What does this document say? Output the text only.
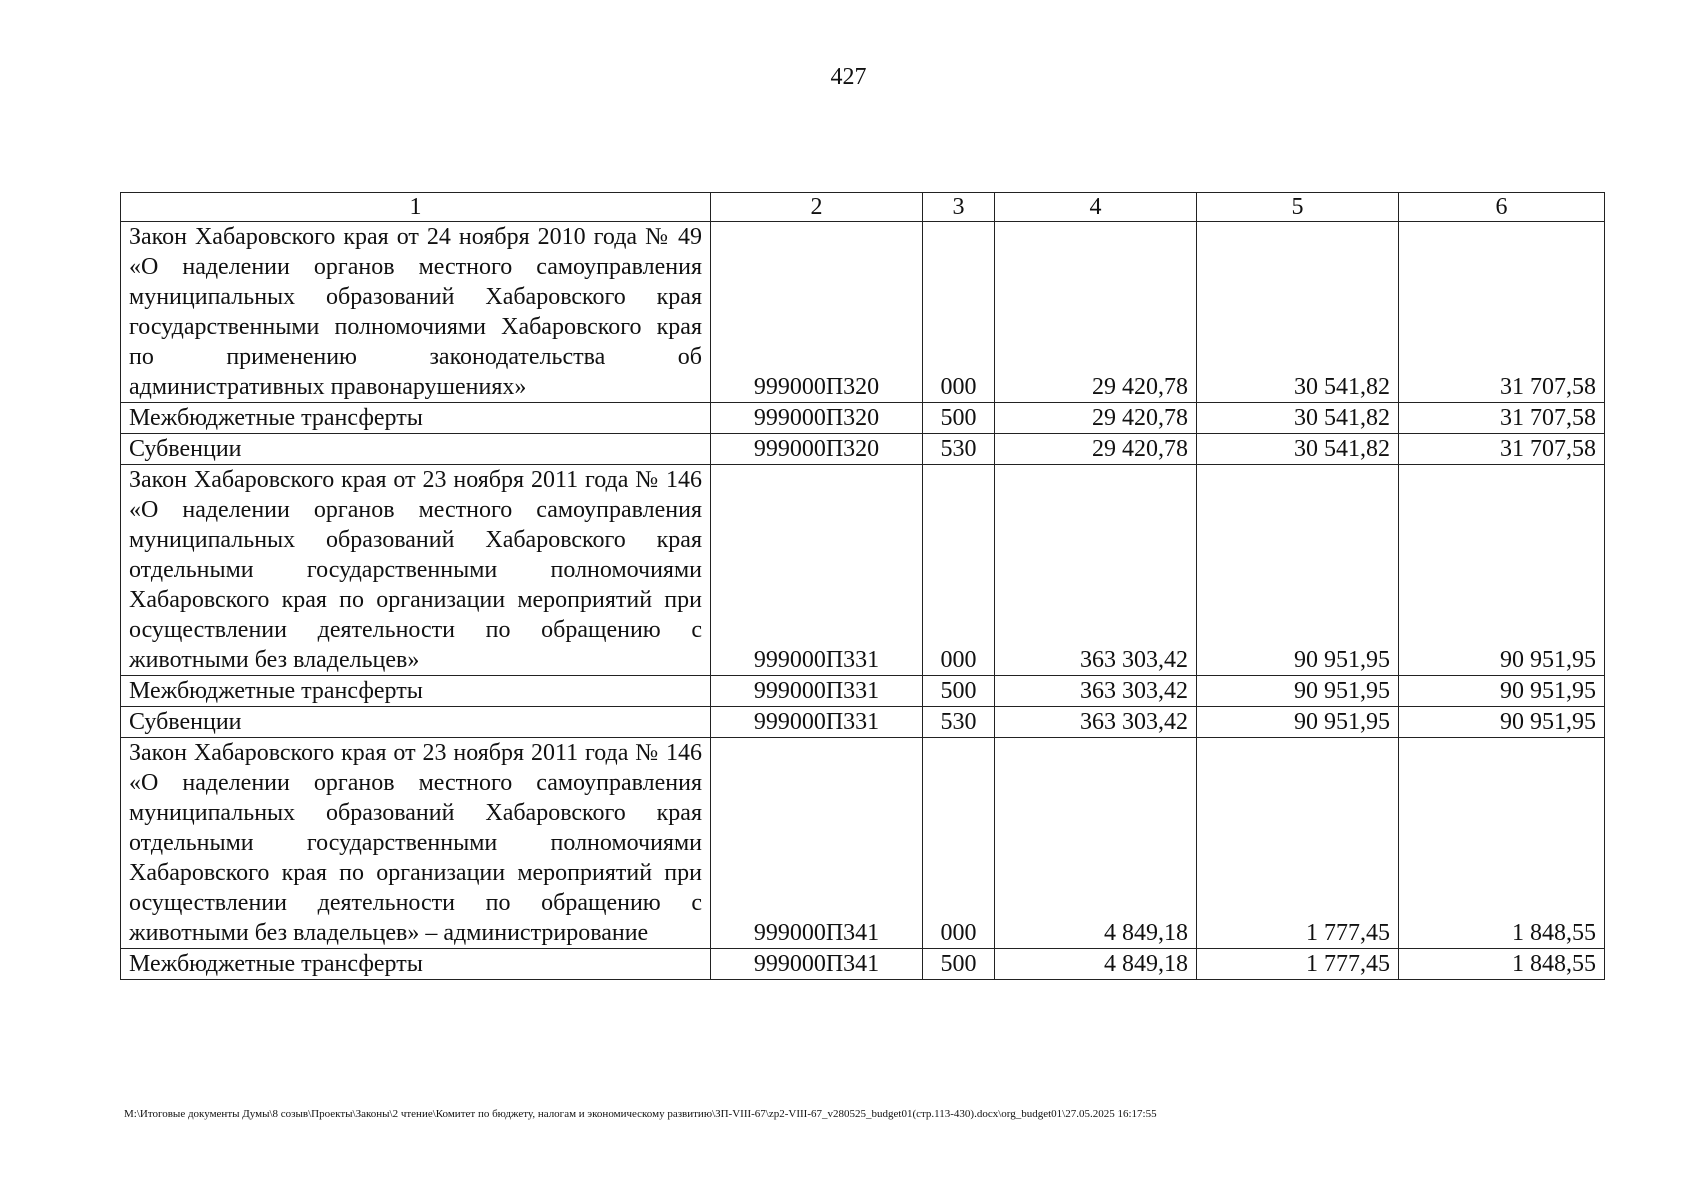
427
1	2	3	4	5	6
Закон Хабаровского края от 24 ноября 2010 года № 49 «О наделении органов местного самоуправления муниципальных образований Хабаровского края государственными полномочиями Хабаровского края по применению законодательства об административных правонарушениях»	999000П320	000	29 420,78	30 541,82	31 707,58
Межбюджетные трансферты	999000П320	500	29 420,78	30 541,82	31 707,58
Субвенции	999000П320	530	29 420,78	30 541,82	31 707,58
Закон Хабаровского края от 23 ноября 2011 года № 146 «О наделении органов местного самоуправления муниципальных образований Хабаровского края отдельными государственными полномочиями Хабаровского края по организации мероприятий при осуществлении деятельности по обращению с животными без владельцев»	999000П331	000	363 303,42	90 951,95	90 951,95
Межбюджетные трансферты	999000П331	500	363 303,42	90 951,95	90 951,95
Субвенции	999000П331	530	363 303,42	90 951,95	90 951,95
Закон Хабаровского края от 23 ноября 2011 года № 146 «О наделении органов местного самоуправления муниципальных образований Хабаровского края отдельными государственными полномочиями Хабаровского края по организации мероприятий при осуществлении деятельности по обращению с животными без владельцев» – администрирование	999000П341	000	4 849,18	1 777,45	1 848,55
Межбюджетные трансферты	999000П341	500	4 849,18	1 777,45	1 848,55
M:\Итоговые документы Думы\8 созыв\Проекты\Законы\2 чтение\Комитет по бюджету, налогам и экономическому развитию\ЗП-VIII-67\zp2-VIII-67_v280525_budget01(стр.113-430).docx\org_budget01\27.05.2025 16:17:55
